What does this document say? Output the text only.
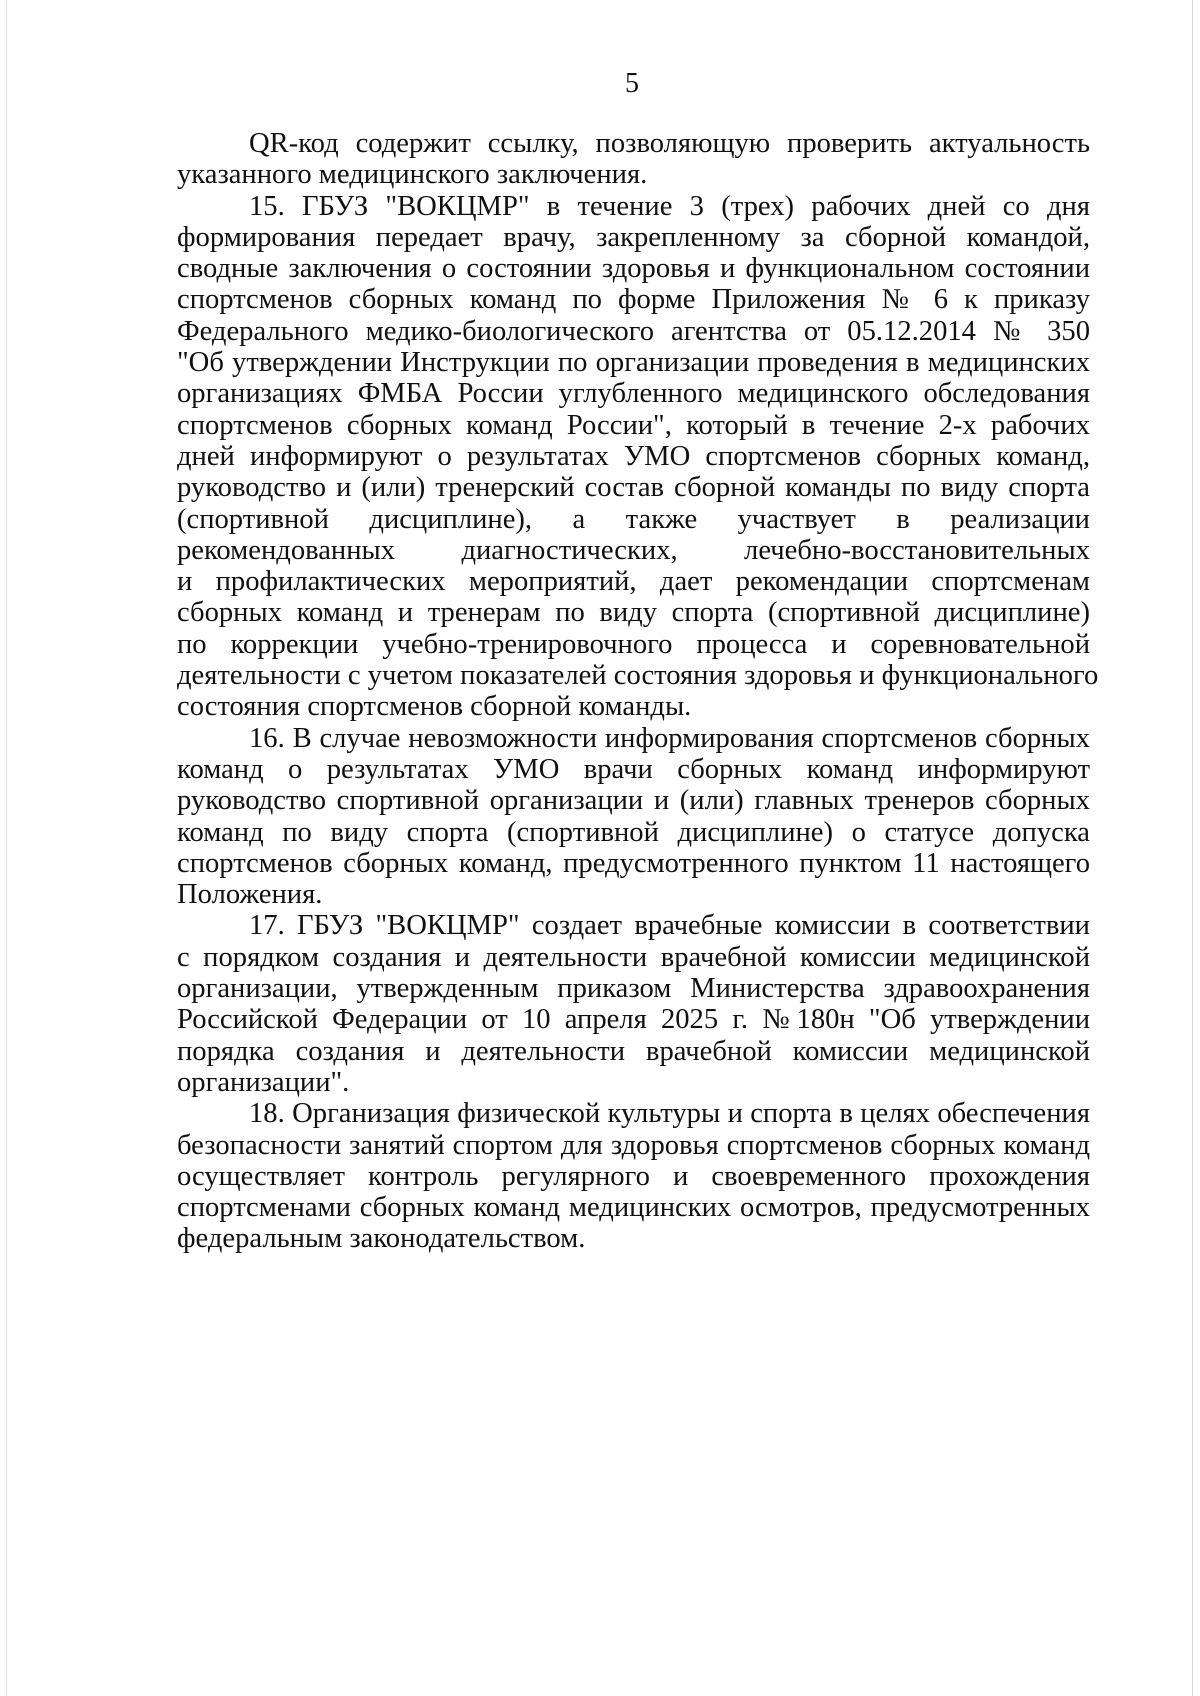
5
QR-код содержит ссылку, позволяющую проверить актуальность
указанного медицинского заключения.
15. ГБУЗ "ВОКЦМР" в течение 3 (трех) рабочих дней со дня
формирования передает врачу, закрепленному за сборной командой,
сводные заключения о состоянии здоровья и функциональном состоянии
спортсменов сборных команд по форме Приложения № 6 к приказу
Федерального медико-биологического агентства от 05.12.2014 № 350
"Об утверждении Инструкции по организации проведения в медицинских
организациях ФМБА России углубленного медицинского обследования
спортсменов сборных команд России", который в течение 2-х рабочих
дней информируют о результатах УМО спортсменов сборных команд,
руководство и (или) тренерский состав сборной команды по виду спорта
(спортивной дисциплине), а также участвует в реализации
рекомендованных диагностических, лечебно-восстановительных
и профилактических мероприятий, дает рекомендации спортсменам
сборных команд и тренерам по виду спорта (спортивной дисциплине)
по коррекции учебно-тренировочного процесса и соревновательной
деятельности с учетом показателей состояния здоровья и функционального
состояния спортсменов сборной команды.
16. В случае невозможности информирования спортсменов сборных
команд о результатах УМО врачи сборных команд информируют
руководство спортивной организации и (или) главных тренеров сборных
команд по виду спорта (спортивной дисциплине) о статусе допуска
спортсменов сборных команд, предусмотренного пунктом 11 настоящего
Положения.
17. ГБУЗ "ВОКЦМР" создает врачебные комиссии в соответствии
с порядком создания и деятельности врачебной комиссии медицинской
организации, утвержденным приказом Министерства здравоохранения
Российской Федерации от 10 апреля 2025 г. №180н "Об утверждении
порядка создания и деятельности врачебной комиссии медицинской
организации".
18. Организация физической культуры и спорта в целях обеспечения
безопасности занятий спортом для здоровья спортсменов сборных команд
осуществляет контроль регулярного и своевременного прохождения
спортсменами сборных команд медицинских осмотров, предусмотренных
федеральным законодательством.
